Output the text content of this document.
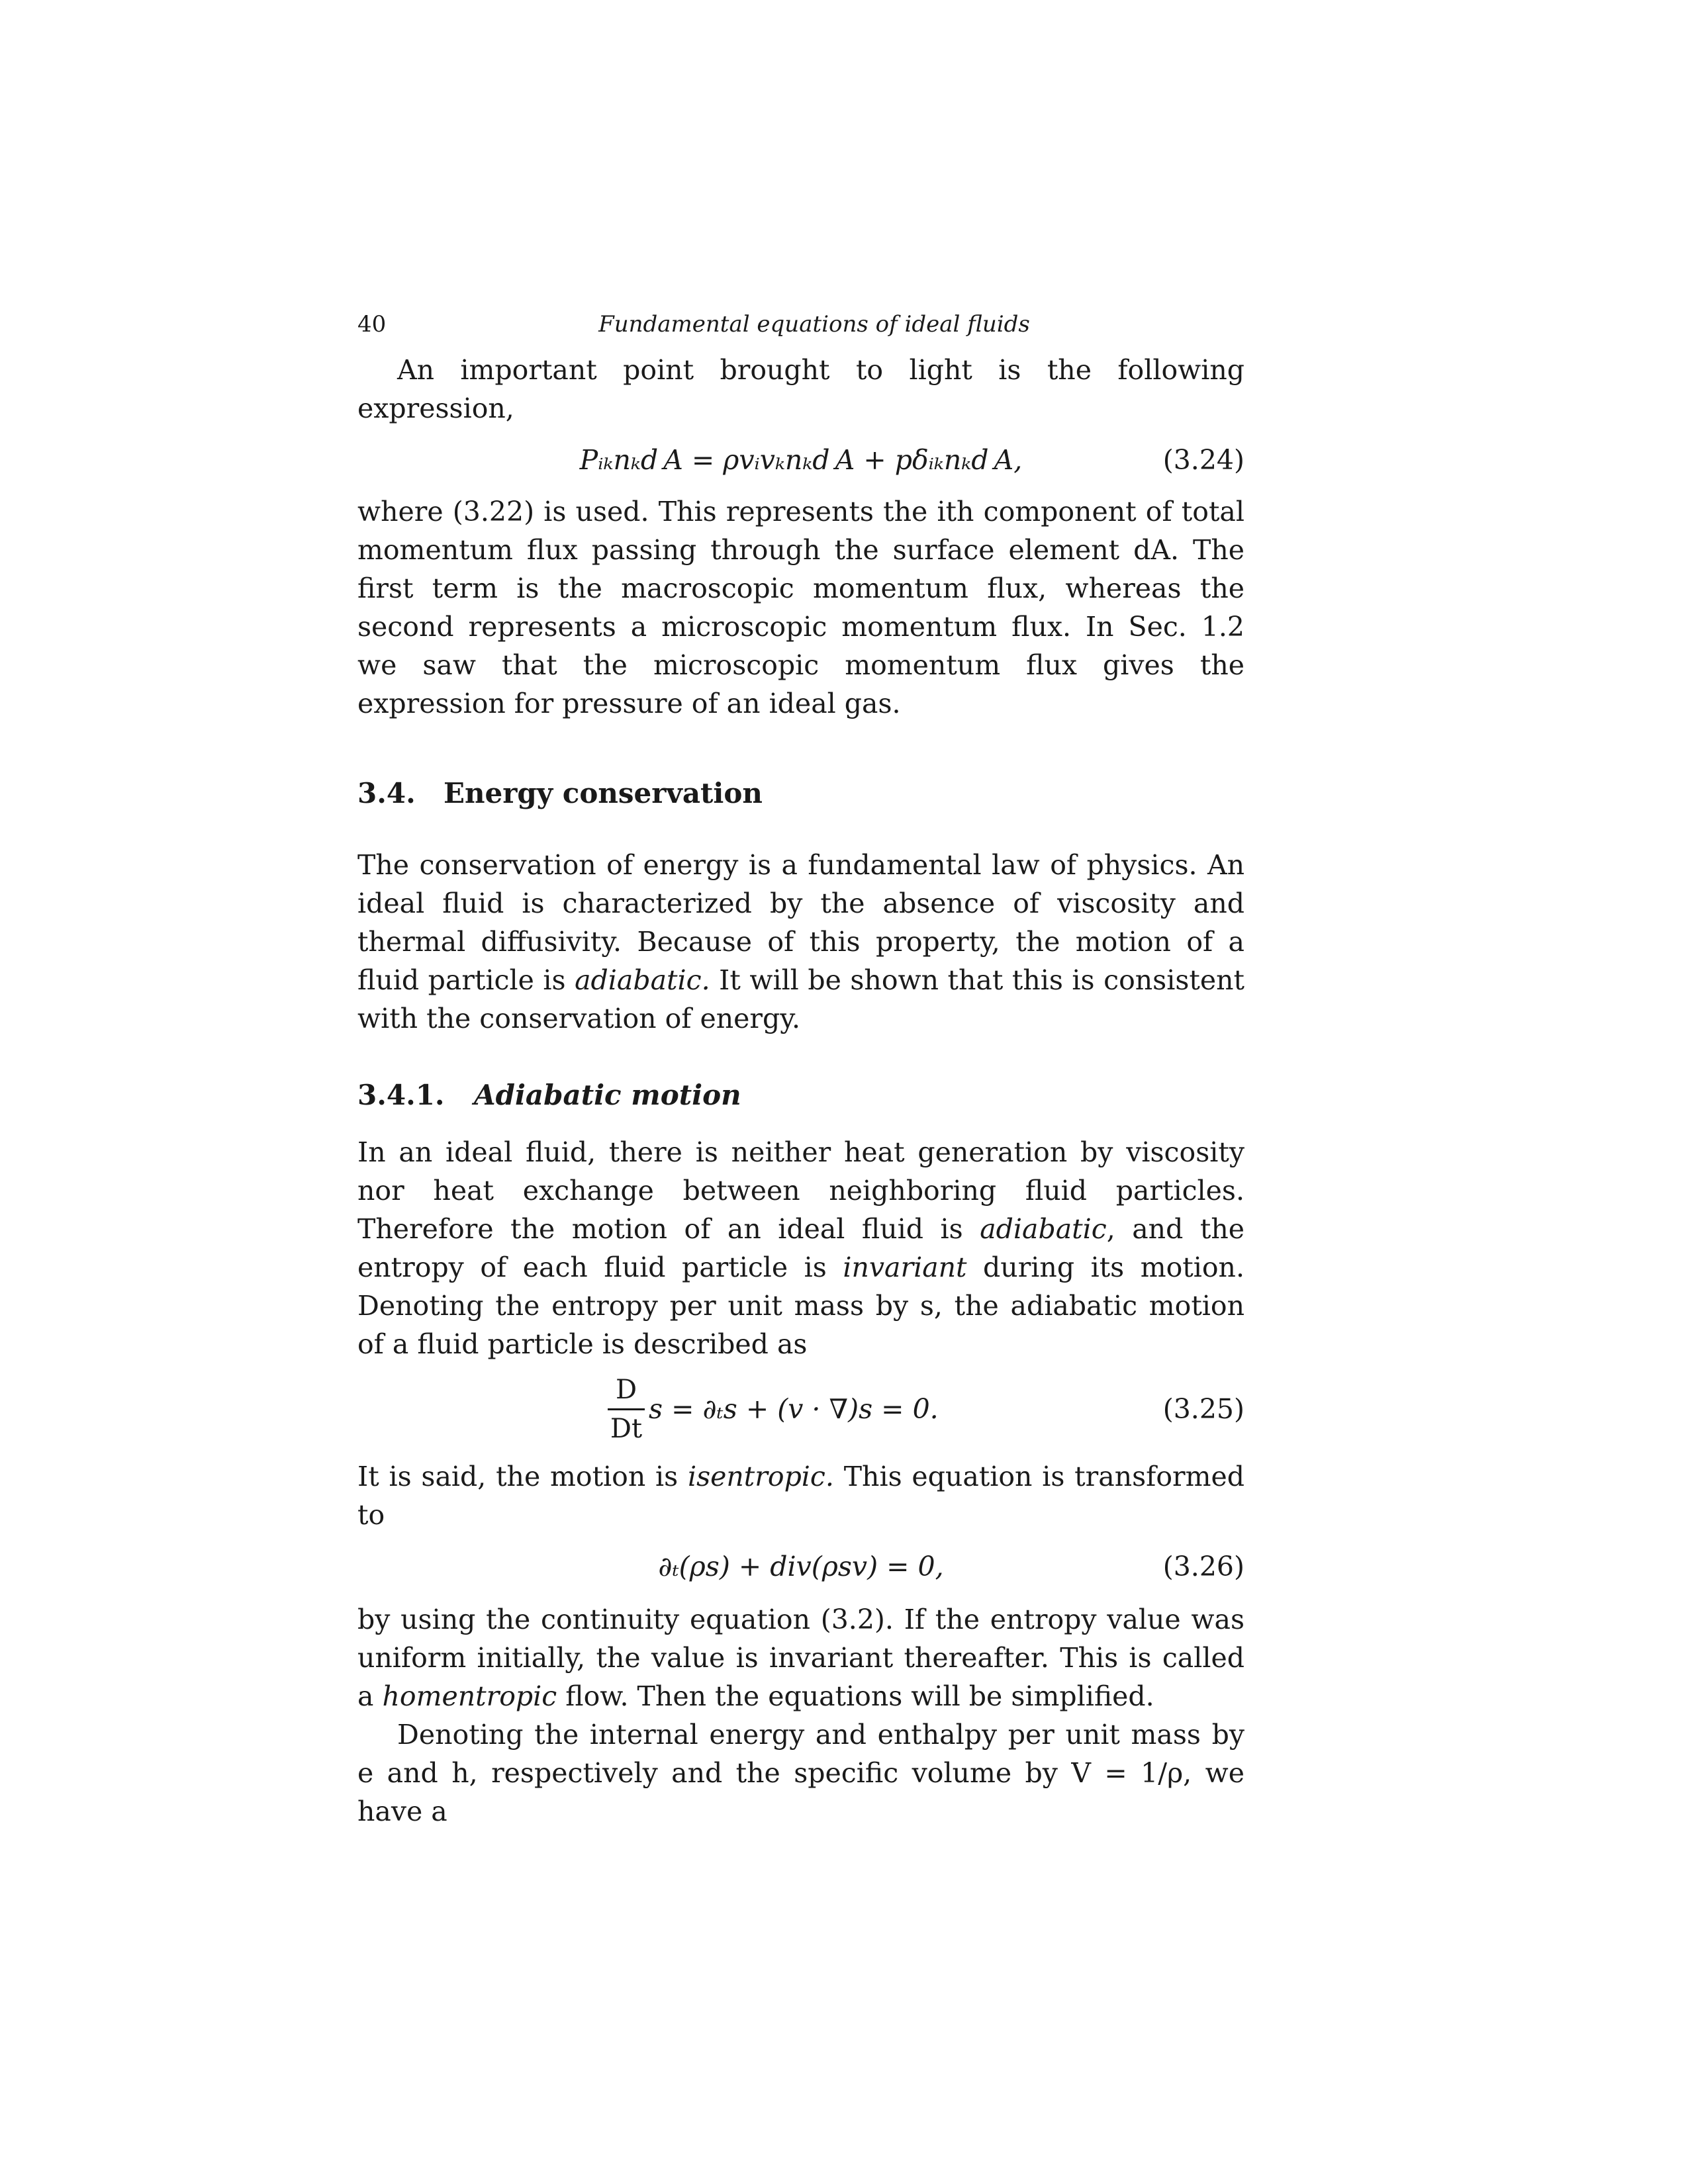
40	Fundamental equations of ideal fluids

An important point brought to light is the following expression,

Pᵢₖnₖd A = ρvᵢvₖnₖd A + pδᵢₖnₖd A,	(3.24)

where (3.22) is used. This represents the ith component of total momentum flux passing through the surface element dA. The first term is the macroscopic momentum flux, whereas the second represents a microscopic momentum flux. In Sec. 1.2 we saw that the microscopic momentum flux gives the expression for pressure of an ideal gas.

3.4. Energy conservation

The conservation of energy is a fundamental law of physics. An ideal fluid is characterized by the absence of viscosity and thermal diffusivity. Because of this property, the motion of a fluid particle is adiabatic. It will be shown that this is consistent with the conservation of energy.

3.4.1. Adiabatic motion

In an ideal fluid, there is neither heat generation by viscosity nor heat exchange between neighboring fluid particles. Therefore the motion of an ideal fluid is adiabatic, and the entropy of each fluid particle is invariant during its motion. Denoting the entropy per unit mass by s, the adiabatic motion of a fluid particle is described as

D
Dt
s = ∂ₜs + (v · ∇)s = 0.	(3.25)

It is said, the motion is isentropic. This equation is transformed to

∂ₜ(ρs) + div(ρsv) = 0,	(3.26)

by using the continuity equation (3.2). If the entropy value was uniform initially, the value is invariant thereafter. This is called a homentropic flow. Then the equations will be simplified.

Denoting the internal energy and enthalpy per unit mass by e and h, respectively and the specific volume by V = 1/ρ, we have a
